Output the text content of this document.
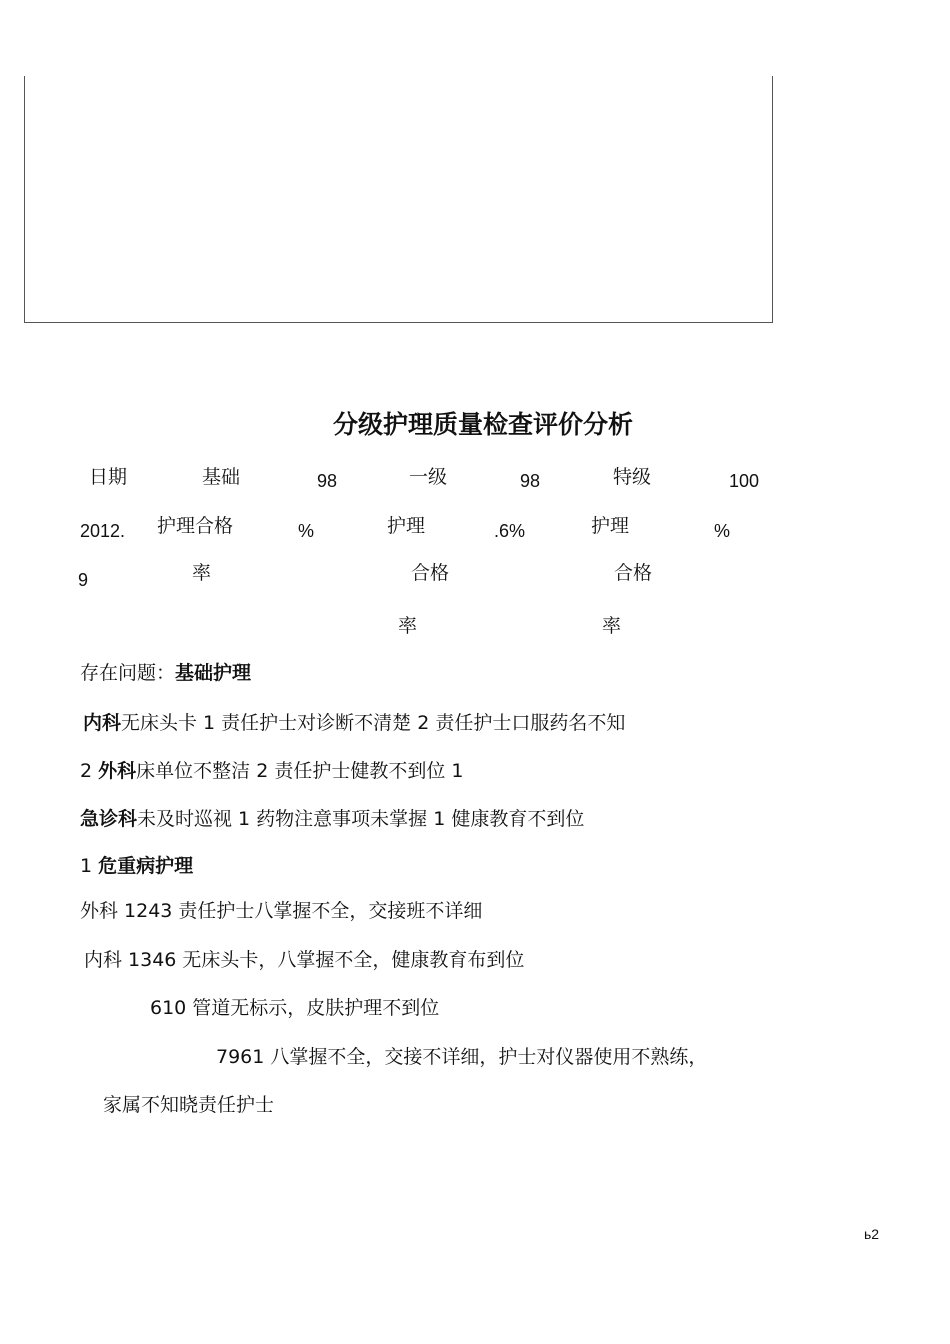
分级护理质量检查评价分析
日期
2012.
9
基础
护理合格
率
98
%
一级
护理
合格
率
98
.6%
特级
护理
合格
率
100
%
存在问题：基础护理
内科无床头卡 1 责任护士对诊断不清楚 2 责任护士口服药名不知
2 外科床单位不整洁 2 责任护士健教不到位 1
急诊科未及时巡视 1 药物注意事项未掌握 1 健康教育不到位
1 危重病护理
外科 1243 责任护士八掌握不全，交接班不详细
内科 1346 无床头卡，八掌握不全，健康教育布到位
610 管道无标示，皮肤护理不到位
7961 八掌握不全，交接不详细，护士对仪器使用不熟练，
家属不知晓责任护士
ь2
